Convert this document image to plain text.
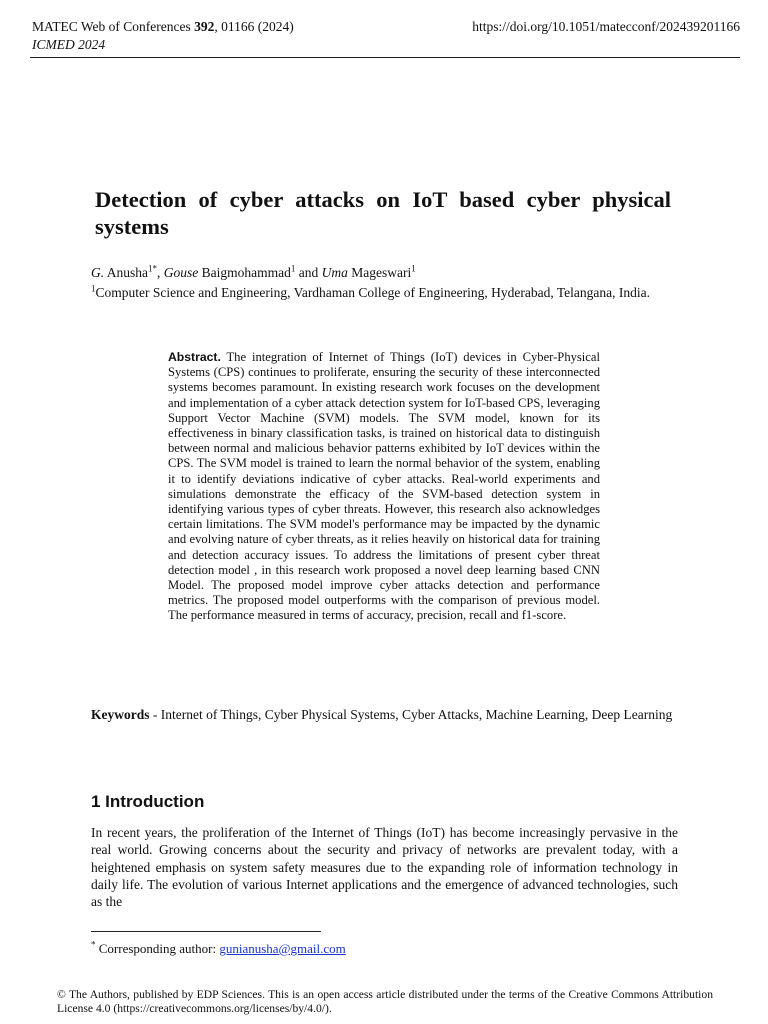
MATEC Web of Conferences 392, 01166 (2024)
ICMED 2024
https://doi.org/10.1051/matecconf/202439201166
Detection of cyber attacks on IoT based cyber physical systems
G. Anusha$^{1*}$, Gouse Baigmohammad$^1$ and Uma Mageswari$^1$
$^1$Computer Science and Engineering, Vardhaman College of Engineering, Hyderabad, Telangana, India.
Abstract. The integration of Internet of Things (IoT) devices in Cyber-Physical Systems (CPS) continues to proliferate, ensuring the security of these interconnected systems becomes paramount. In existing research work focuses on the development and implementation of a cyber attack detection system for IoT-based CPS, leveraging Support Vector Machine (SVM) models. The SVM model, known for its effectiveness in binary classification tasks, is trained on historical data to distinguish between normal and malicious behavior patterns exhibited by IoT devices within the CPS. The SVM model is trained to learn the normal behavior of the system, enabling it to identify deviations indicative of cyber attacks. Real-world experiments and simulations demonstrate the efficacy of the SVM-based detection system in identifying various types of cyber threats. However, this research also acknowledges certain limitations. The SVM model's performance may be impacted by the dynamic and evolving nature of cyber threats, as it relies heavily on historical data for training and detection accuracy issues. To address the limitations of present cyber threat detection model , in this research work proposed a novel deep learning based CNN Model. The proposed model improve cyber attacks detection and performance metrics. The proposed model outperforms with the comparison of previous model. The performance measured in terms of accuracy, precision, recall and f1-score.
Keywords - Internet of Things, Cyber Physical Systems, Cyber Attacks, Machine Learning, Deep Learning
1 Introduction

In recent years, the proliferation of the Internet of Things (IoT) has become increasingly pervasive in the real world. Growing concerns about the security and privacy of networks are prevalent today, with a heightened emphasis on system safety measures due to the expanding role of information technology in daily life. The evolution of various Internet applications and the emergence of advanced technologies, such as the

* Corresponding author: gunianusha@gmail.com
© The Authors, published by EDP Sciences. This is an open access article distributed under the terms of the Creative Commons Attribution License 4.0 (https://creativecommons.org/licenses/by/4.0/).
